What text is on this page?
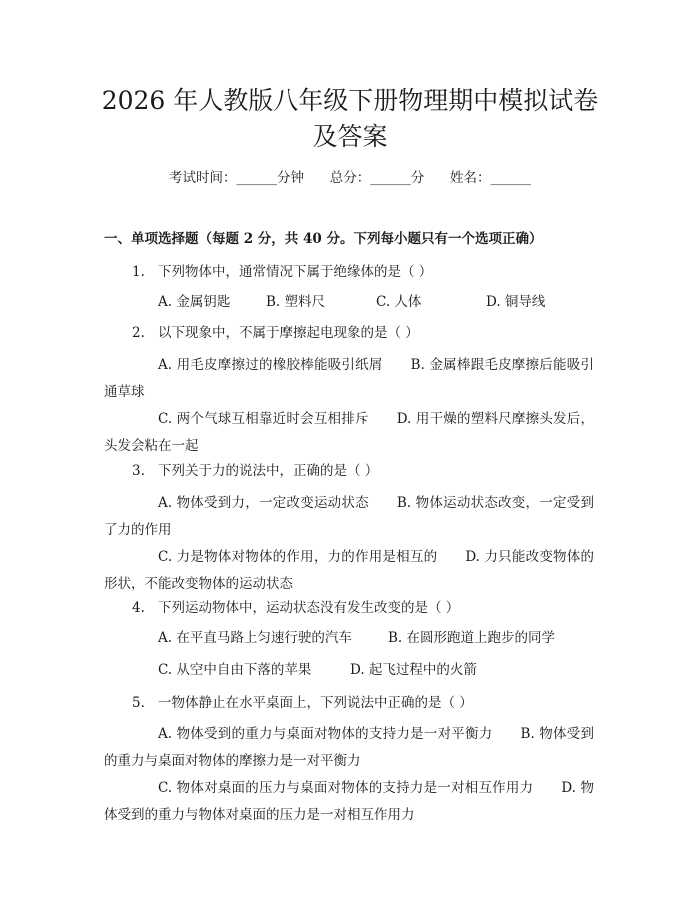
2026 年人教版八年级下册物理期中模拟试卷
及答案
考试时间：______分钟      总分：______分      姓名：______
一、单项选择题（每题 2 分，共 40 分。下列每小题只有一个选项正确）
1. 下列物体中，通常情况下属于绝缘体的是（ ）
A. 金属钥匙	B. 塑料尺	C. 人体	D. 铜导线
2. 以下现象中，不属于摩擦起电现象的是（ ）

A. 用毛皮摩擦过的橡胶棒能吸引纸屑 B. 金属棒跟毛皮摩擦后能吸引通草球

C. 两个气球互相靠近时会互相排斥 D. 用干燥的塑料尺摩擦头发后，头发会粘在一起

3. 下列关于力的说法中，正确的是（ ）

A. 物体受到力，一定改变运动状态 B. 物体运动状态改变，一定受到了力的作用

C. 力是物体对物体的作用，力的作用是相互的 D. 力只能改变物体的形状，不能改变物体的运动状态

4. 下列运动物体中，运动状态没有发生改变的是（ ）
A. 在平直马路上匀速行驶的汽车	B. 在圆形跑道上跑步的同学
C. 从空中自由下落的苹果	D. 起飞过程中的火箭
5. 一物体静止在水平桌面上，下列说法中正确的是（ ）

A. 物体受到的重力与桌面对物体的支持力是一对平衡力 B. 物体受到的重力与桌面对物体的摩擦力是一对平衡力

C. 物体对桌面的压力与桌面对物体的支持力是一对相互作用力 D. 物体受到的重力与物体对桌面的压力是一对相互作用力
